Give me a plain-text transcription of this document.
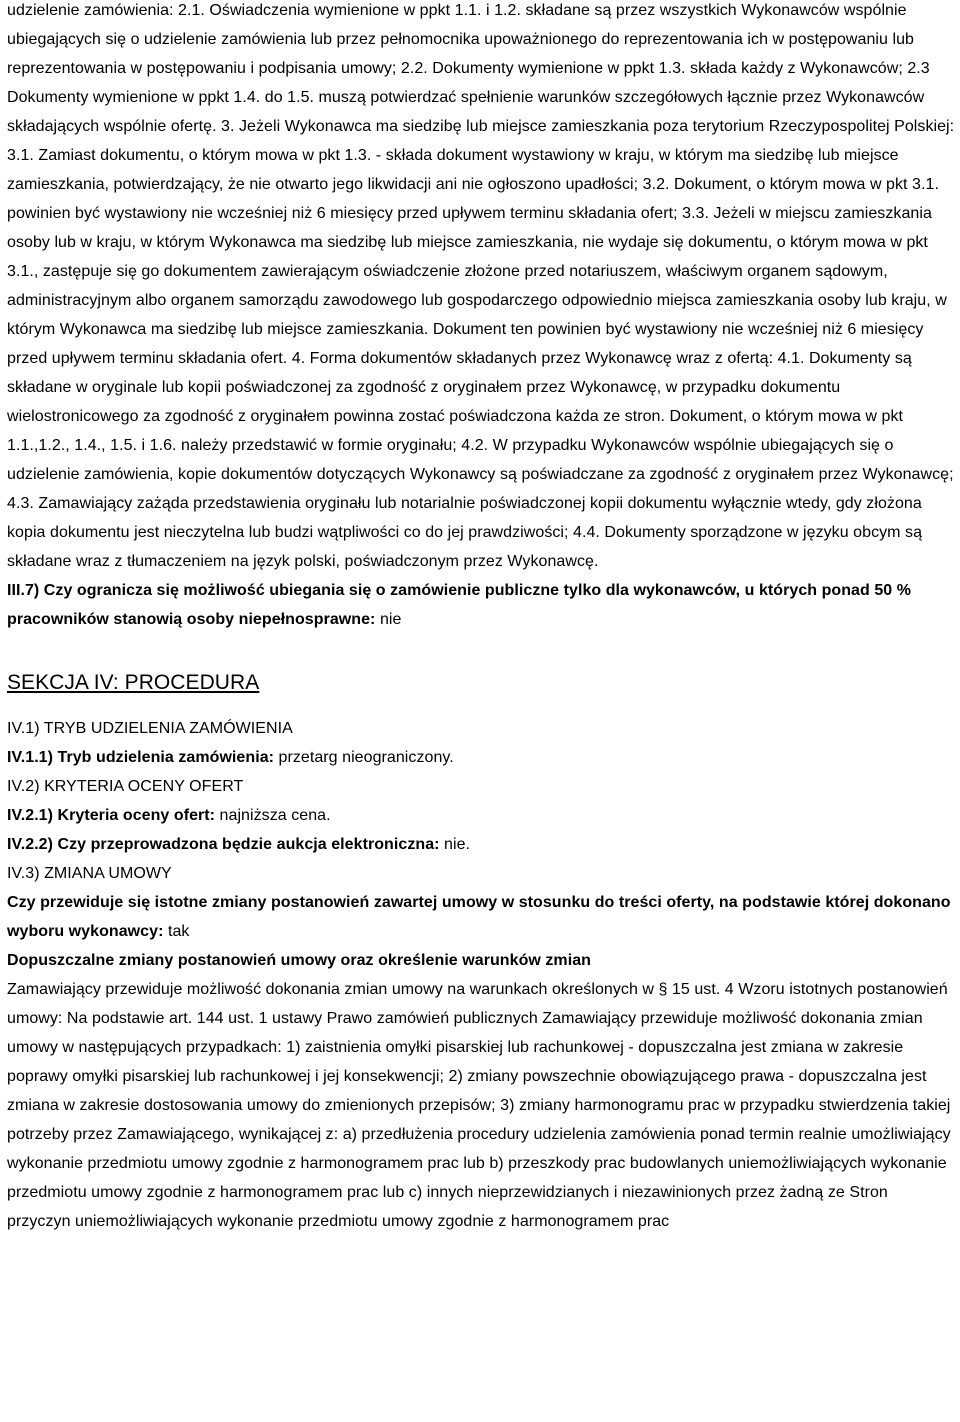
udzielenie zamówienia: 2.1. Oświadczenia wymienione w ppkt 1.1. i 1.2. składane są przez wszystkich Wykonawców wspólnie ubiegających się o udzielenie zamówienia lub przez pełnomocnika upoważnionego do reprezentowania ich w postępowaniu lub reprezentowania w postępowaniu i podpisania umowy; 2.2. Dokumenty wymienione w ppkt 1.3. składa każdy z Wykonawców; 2.3 Dokumenty wymienione w ppkt 1.4. do 1.5. muszą potwierdzać spełnienie warunków szczegółowych łącznie przez Wykonawców składających wspólnie ofertę. 3. Jeżeli Wykonawca ma siedzibę lub miejsce zamieszkania poza terytorium Rzeczypospolitej Polskiej: 3.1. Zamiast dokumentu, o którym mowa w pkt 1.3. - składa dokument wystawiony w kraju, w którym ma siedzibę lub miejsce zamieszkania, potwierdzający, że nie otwarto jego likwidacji ani nie ogłoszono upadłości; 3.2. Dokument, o którym mowa w pkt 3.1. powinien być wystawiony nie wcześniej niż 6 miesięcy przed upływem terminu składania ofert; 3.3. Jeżeli w miejscu zamieszkania osoby lub w kraju, w którym Wykonawca ma siedzibę lub miejsce zamieszkania, nie wydaje się dokumentu, o którym mowa w pkt 3.1., zastępuje się go dokumentem zawierającym oświadczenie złożone przed notariuszem, właściwym organem sądowym, administracyjnym albo organem samorządu zawodowego lub gospodarczego odpowiednio miejsca zamieszkania osoby lub kraju, w którym Wykonawca ma siedzibę lub miejsce zamieszkania. Dokument ten powinien być wystawiony nie wcześniej niż 6 miesięcy przed upływem terminu składania ofert. 4. Forma dokumentów składanych przez Wykonawcę wraz z ofertą: 4.1. Dokumenty są składane w oryginale lub kopii poświadczonej za zgodność z oryginałem przez Wykonawcę, w przypadku dokumentu wielostronicowego za zgodność z oryginałem powinna zostać poświadczona każda ze stron. Dokument, o którym mowa w pkt 1.1.,1.2., 1.4., 1.5. i 1.6. należy przedstawić w formie oryginału; 4.2. W przypadku Wykonawców wspólnie ubiegających się o udzielenie zamówienia, kopie dokumentów dotyczących Wykonawcy są poświadczane za zgodność z oryginałem przez Wykonawcę; 4.3. Zamawiający zażąda przedstawienia oryginału lub notarialnie poświadczonej kopii dokumentu wyłącznie wtedy, gdy złożona kopia dokumentu jest nieczytelna lub budzi wątpliwości co do jej prawdziwości; 4.4. Dokumenty sporządzone w języku obcym są składane wraz z tłumaczeniem na język polski, poświadczonym przez Wykonawcę.

III.7) Czy ogranicza się możliwość ubiegania się o zamówienie publiczne tylko dla wykonawców, u których ponad 50 % pracowników stanowią osoby niepełnosprawne: nie

SEKCJA IV: PROCEDURA

IV.1) TRYB UDZIELENIA ZAMÓWIENIA

IV.1.1) Tryb udzielenia zamówienia: przetarg nieograniczony.

IV.2) KRYTERIA OCENY OFERT

IV.2.1) Kryteria oceny ofert: najniższa cena.

IV.2.2) Czy przeprowadzona będzie aukcja elektroniczna: nie.

IV.3) ZMIANA UMOWY

Czy przewiduje się istotne zmiany postanowień zawartej umowy w stosunku do treści oferty, na podstawie której dokonano wyboru wykonawcy: tak

Dopuszczalne zmiany postanowień umowy oraz określenie warunków zmian

Zamawiający przewiduje możliwość dokonania zmian umowy na warunkach określonych w § 15 ust. 4 Wzoru istotnych postanowień umowy: Na podstawie art. 144 ust. 1 ustawy Prawo zamówień publicznych Zamawiający przewiduje możliwość dokonania zmian umowy w następujących przypadkach: 1) zaistnienia omyłki pisarskiej lub rachunkowej - dopuszczalna jest zmiana w zakresie poprawy omyłki pisarskiej lub rachunkowej i jej konsekwencji; 2) zmiany powszechnie obowiązującego prawa - dopuszczalna jest zmiana w zakresie dostosowania umowy do zmienionych przepisów; 3) zmiany harmonogramu prac w przypadku stwierdzenia takiej potrzeby przez Zamawiającego, wynikającej z: a) przedłużenia procedury udzielenia zamówienia ponad termin realnie umożliwiający wykonanie przedmiotu umowy zgodnie z harmonogramem prac lub b) przeszkody prac budowlanych uniemożliwiających wykonanie przedmiotu umowy zgodnie z harmonogramem prac lub c) innych nieprzewidzianych i niezawinionych przez żadną ze Stron przyczyn uniemożliwiających wykonanie przedmiotu umowy zgodnie z harmonogramem prac
